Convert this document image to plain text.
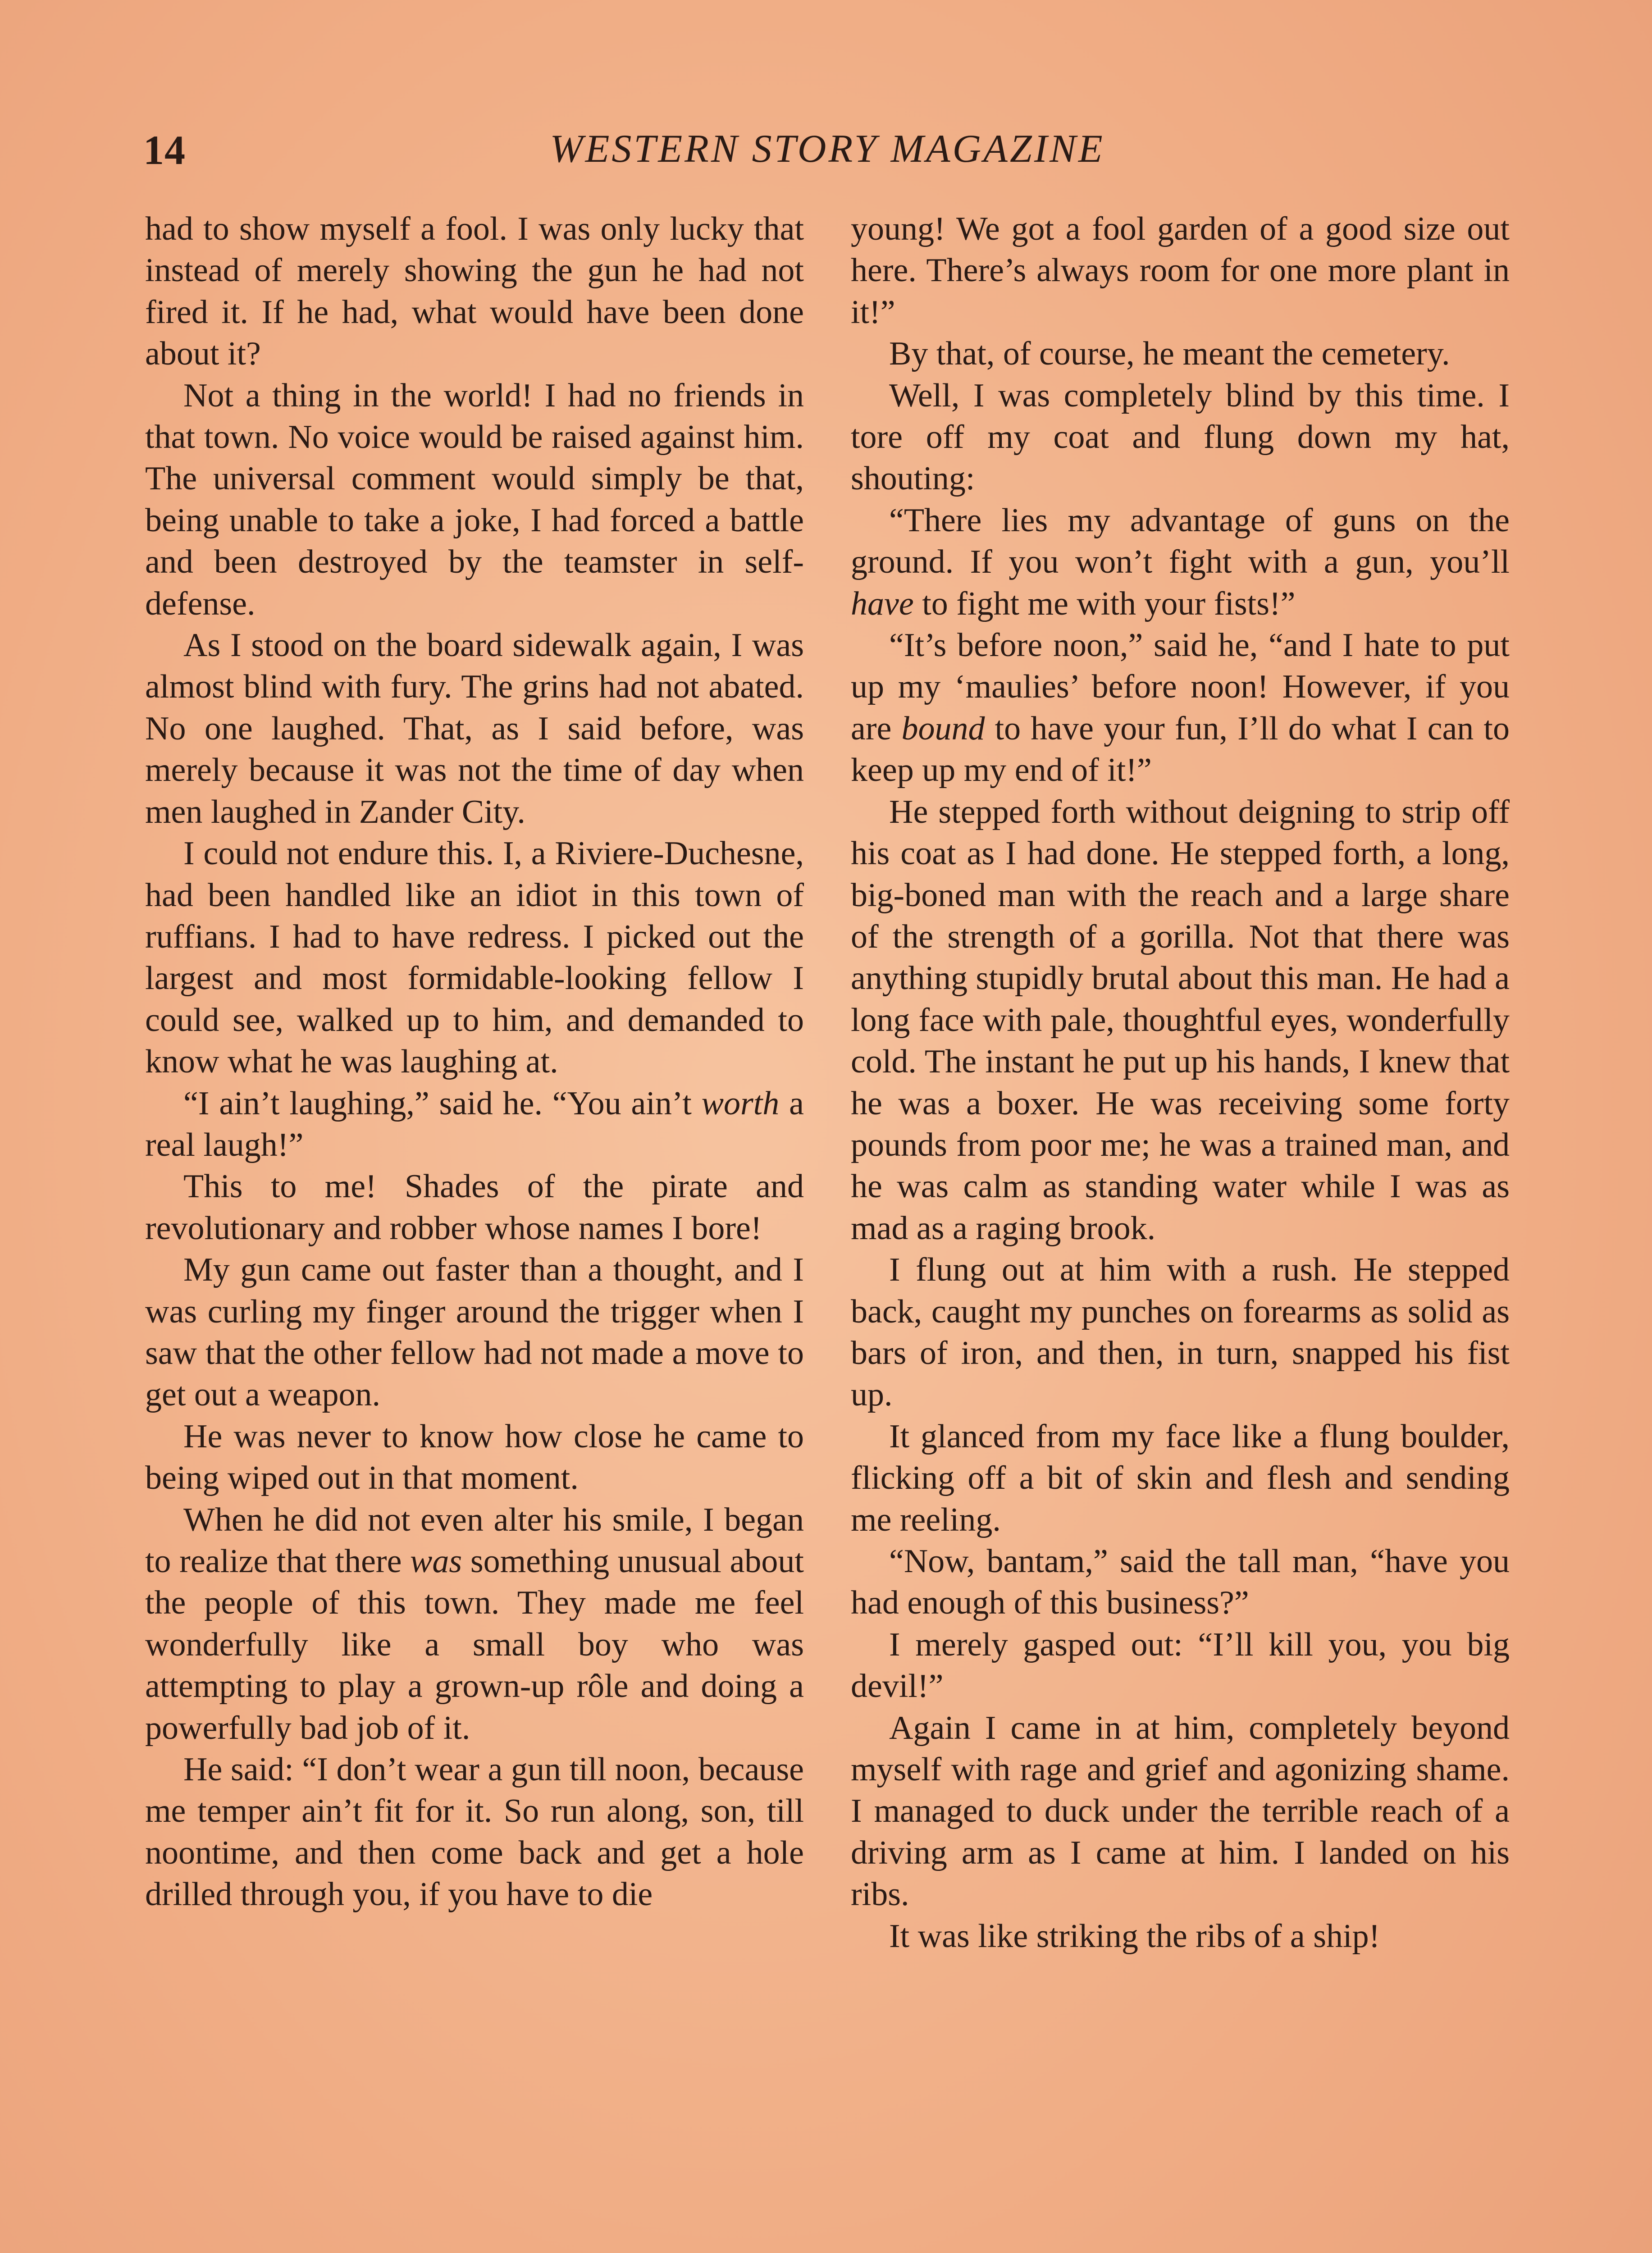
14	WESTERN STORY MAGAZINE

had to show myself a fool. I was only lucky that instead of merely showing the gun he had not fired it. If he had, what would have been done about it?

Not a thing in the world! I had no friends in that town. No voice would be raised against him. The universal comment would simply be that, being unable to take a joke, I had forced a battle and been destroyed by the teamster in self-defense.

As I stood on the board sidewalk again, I was almost blind with fury. The grins had not abated. No one laughed. That, as I said before, was merely because it was not the time of day when men laughed in Zander City.

I could not endure this. I, a Riviere-Duchesne, had been handled like an idiot in this town of ruffians. I had to have redress. I picked out the largest and most formidable-looking fellow I could see, walked up to him, and demanded to know what he was laughing at.

“I ain’t laughing,” said he. “You ain’t worth a real laugh!”

This to me! Shades of the pirate and revolutionary and robber whose names I bore!

My gun came out faster than a thought, and I was curling my finger around the trigger when I saw that the other fellow had not made a move to get out a weapon.

He was never to know how close he came to being wiped out in that moment.

When he did not even alter his smile, I began to realize that there was something unusual about the people of this town. They made me feel wonderfully like a small boy who was attempting to play a grown-up rôle and doing a powerfully bad job of it.

He said: “I don’t wear a gun till noon, because me temper ain’t fit for it. So run along, son, till noontime, and then come back and get a hole drilled through you, if you have to die

young! We got a fool garden of a good size out here. There’s always room for one more plant in it!”

By that, of course, he meant the cemetery.

Well, I was completely blind by this time. I tore off my coat and flung down my hat, shouting:

“There lies my advantage of guns on the ground. If you won’t fight with a gun, you’ll have to fight me with your fists!”

“It’s before noon,” said he, “and I hate to put up my ‘maulies’ before noon! However, if you are bound to have your fun, I’ll do what I can to keep up my end of it!”

He stepped forth without deigning to strip off his coat as I had done. He stepped forth, a long, big-boned man with the reach and a large share of the strength of a gorilla. Not that there was anything stupidly brutal about this man. He had a long face with pale, thoughtful eyes, wonderfully cold. The instant he put up his hands, I knew that he was a boxer. He was receiving some forty pounds from poor me; he was a trained man, and he was calm as standing water while I was as mad as a raging brook.

I flung out at him with a rush. He stepped back, caught my punches on forearms as solid as bars of iron, and then, in turn, snapped his fist up.

It glanced from my face like a flung boulder, flicking off a bit of skin and flesh and sending me reeling.

“Now, bantam,” said the tall man, “have you had enough of this business?”

I merely gasped out: “I’ll kill you, you big devil!”

Again I came in at him, completely beyond myself with rage and grief and agonizing shame. I managed to duck under the terrible reach of a driving arm as I came at him. I landed on his ribs.

It was like striking the ribs of a ship!
